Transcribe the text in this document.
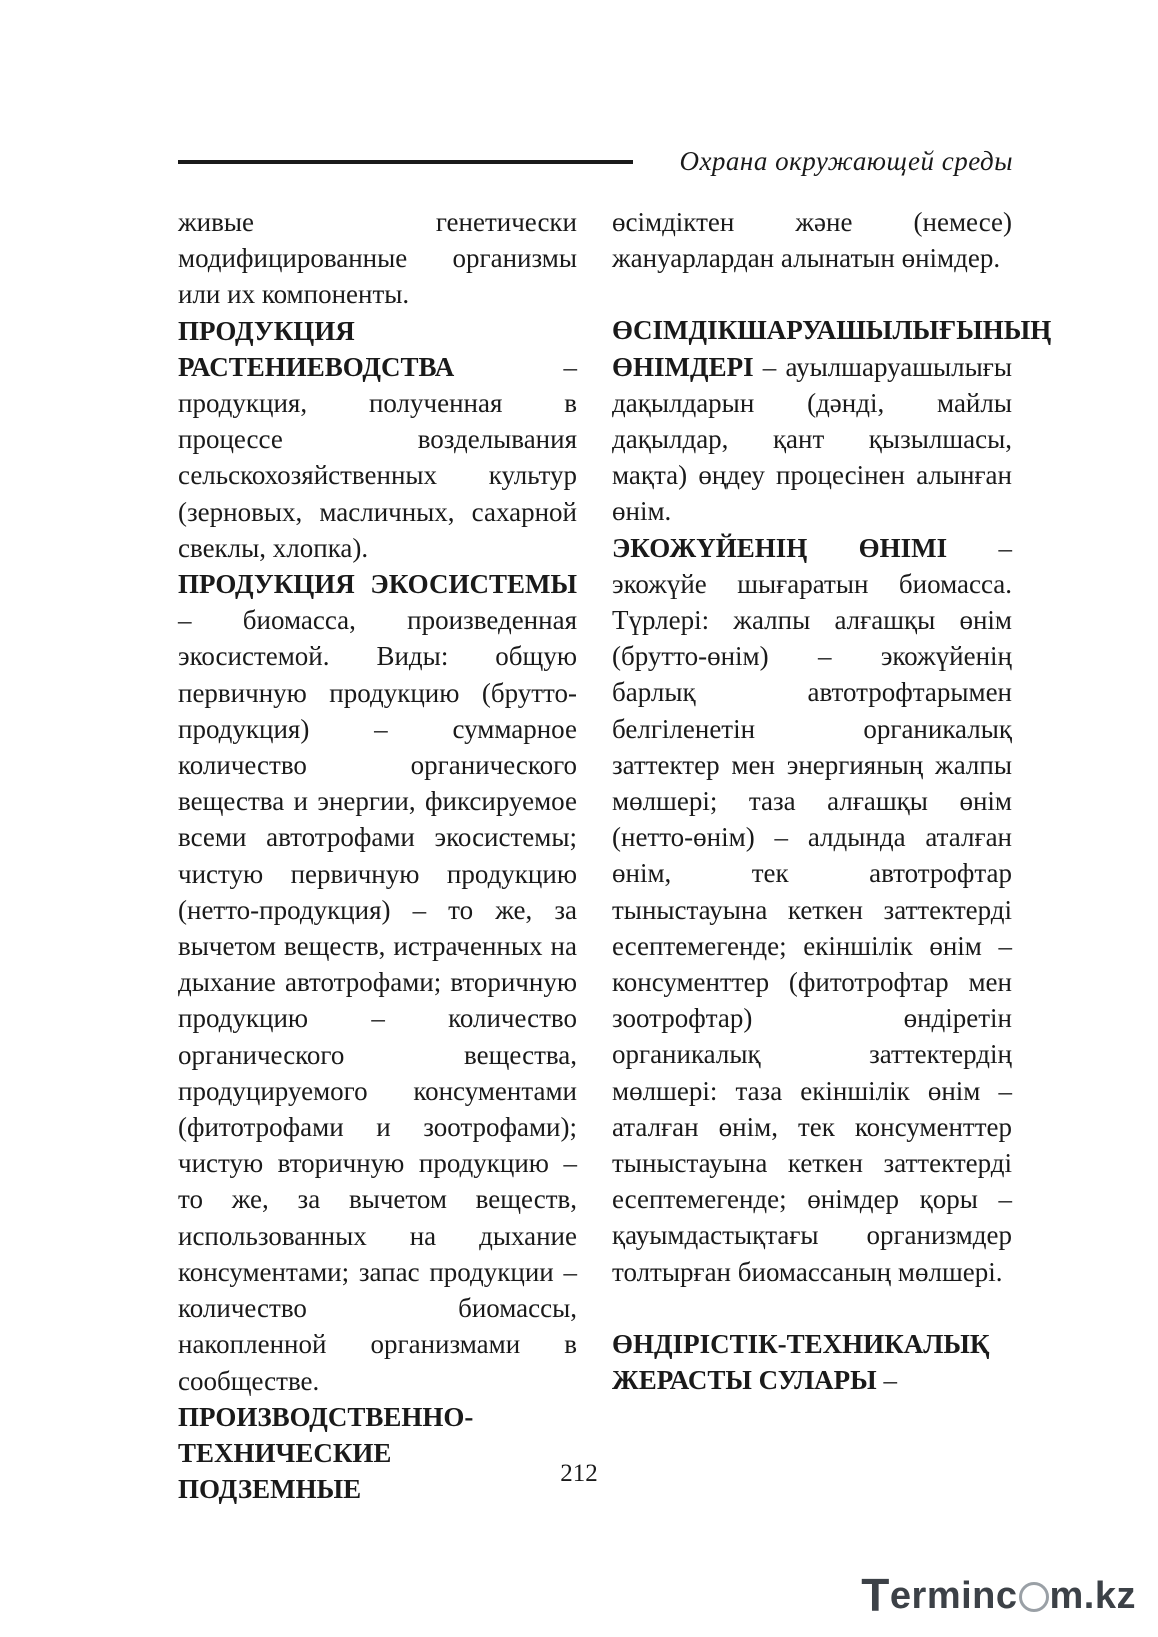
Охрана окружающей среды

живые генетически модифицированные организмы или их компоненты.

ПРОДУКЦИЯ РАСТЕНИЕВОДСТВА – продукция, полученная в процессе возделывания сельскохозяйственных культур (зерновых, масличных, сахарной свеклы, хлопка).

ПРОДУКЦИЯ ЭКОСИСТЕМЫ – биомасса, произведенная экосистемой. Виды: общую первичную продукцию (брутто-продукция) – суммарное количество органического вещества и энергии, фиксируемое всеми автотрофами экосистемы; чистую первичную продукцию (нетто-продукция) – то же, за вычетом веществ, истраченных на дыхание автотрофами; вторичную продукцию – количество органического вещества, продуцируемого консументами (фитотрофами и зоотрофами); чистую вторичную продукцию – то же, за вычетом веществ, использованных на дыхание консументами; запас продукции – количество биомассы, накопленной организмами в сообществе.

ПРОИЗВОДСТВЕННО-ТЕХНИЧЕСКИЕ ПОДЗЕМНЫЕ

өсімдіктен және (немесе) жануарлардан алынатын өнімдер.

ӨСІМДІКШАРУАШЫЛЫҒЫНЫҢ ӨНІМДЕРІ – ауылшаруашылығы дақылдарын (дәнді, майлы дақылдар, қант қызылшасы, мақта) өңдеу процесінен алынған өнім.

ЭКОЖҮЙЕНІҢ ӨНІМІ – экожүйе шығаратын биомасса. Түрлері: жалпы алғашқы өнім (брутто-өнім) – экожүйенің барлық автотрофтарымен белгіленетін органикалық заттектер мен энергияның жалпы мөлшері; таза алғашқы өнім (нетто-өнім) – алдында аталған өнім, тек автотрофтар тыныстауына кеткен заттектерді есептемегенде; екіншілік өнім – консументтер (фитотрофтар мен зоотрофтар) өндіретін органикалық заттектердің мөлшері: таза екіншілік өнім – аталған өнім, тек консументтер тыныстауына кеткен заттектерді есептемегенде; өнімдер қоры – қауымдастықтағы организмдер толтырған биомассаның мөлшері.

ӨНДІРІСТІК-ТЕХНИКАЛЫҚ ЖЕРАСТЫ СУЛАРЫ –

212
Terminc m.kz
